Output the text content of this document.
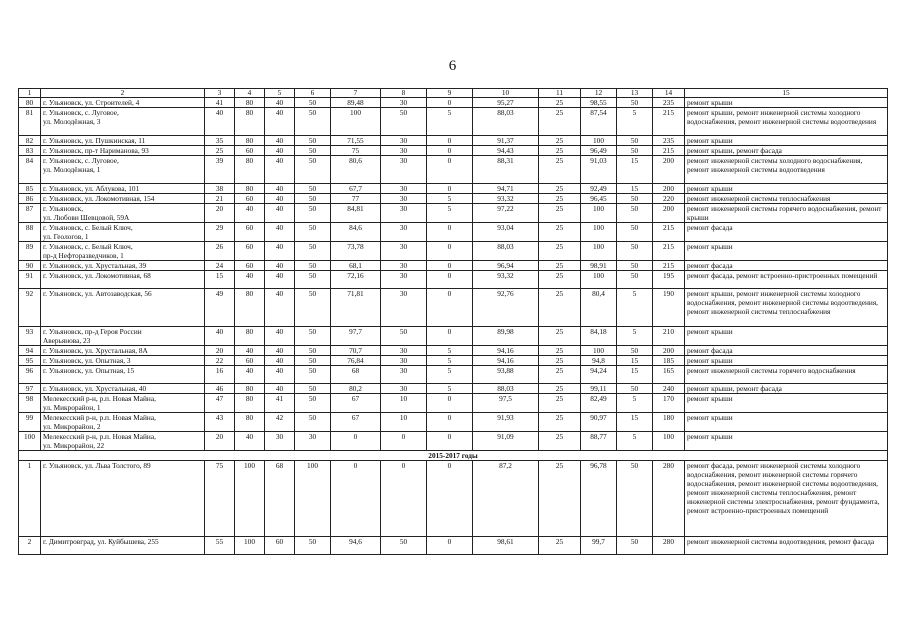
6
1	2	3	4	5	6	7	8	9	10	11	12	13	14	15
80	г. Ульяновск, ул. Строителей, 4	41	80	40	50	89,48	30	0	95,27	25	98,55	50	235	ремонт крыши
81	г. Ульяновск, с. Луговое,
ул. Молодёжная, 3	40	80	40	50	100	50	5	88,03	25	87,54	5	215	ремонт крыши, ремонт инженерной системы холодного водоснабжения, ремонт инженерной системы водоотведения
82	г. Ульяновск, ул. Пушкинская, 11	35	80	40	50	71,55	30	0	91,37	25	100	50	235	ремонт крыши
83	г. Ульяновск, пр-т Нариманова, 93	25	60	40	50	75	30	0	94,43	25	96,49	50	215	ремонт крыши, ремонт фасада
84	г. Ульяновск, с. Луговое,
ул. Молодёжная, 1	39	80	40	50	80,6	30	0	88,31	25	91,03	15	200	ремонт инженерной системы холодного водоснабжения, ремонт инженерной системы водоотведения
85	г. Ульяновск, ул. Аблукова, 101	38	80	40	50	67,7	30	0	94,71	25	92,49	15	200	ремонт крыши
86	г. Ульяновск, ул. Локомотивная, 154	21	60	40	50	77	30	5	93,32	25	96,45	50	220	ремонт инженерной системы теплоснабжения
87	г. Ульяновск,
ул. Любови Шевцовой, 59А	20	40	40	50	84,81	30	5	97,22	25	100	50	200	ремонт инженерной системы горячего водоснабжения, ремонт крыши
88	г. Ульяновск, с. Белый Ключ,
ул. Геологов, 1	29	60	40	50	84,6	30	0	93,04	25	100	50	215	ремонт фасада
89	г. Ульяновск, с. Белый Ключ,
пр-д Нефторазведчиков, 1	26	60	40	50	73,78	30	0	88,03	25	100	50	215	ремонт крыши
90	г. Ульяновск, ул. Хрустальная, 39	24	60	40	50	68,1	30	0	96,94	25	98,91	50	215	ремонт фасада
91	г. Ульяновск, ул. Локомотивная, 68	15	40	40	50	72,16	30	0	93,32	25	100	50	195	ремонт фасада, ремонт встроенно-пристроенных помещений
92	г. Ульяновск, ул. Автозаводская, 56	49	80	40	50	71,81	30	0	92,76	25	80,4	5	190	ремонт крыши, ремонт инженерной системы холодного водоснабжения, ремонт инженерной системы водоотведения, ремонт инженерной системы теплоснабжения
93	г. Ульяновск, пр-д Героя России
Аверьянова, 23	40	80	40	50	97,7	50	0	89,98	25	84,18	5	210	ремонт крыши
94	г. Ульяновск, ул. Хрустальная, 8А	20	40	40	50	70,7	30	5	94,16	25	100	50	200	ремонт фасада
95	г. Ульяновск, ул. Опытная, 3	22	60	40	50	76,84	30	5	94,16	25	94,8	15	185	ремонт крыши
96	г. Ульяновск, ул. Опытная, 15	16	40	40	50	68	30	5	93,88	25	94,24	15	165	ремонт инженерной системы горячего водоснабжения
97	г. Ульяновск, ул. Хрустальная, 40	46	80	40	50	80,2	30	5	88,03	25	99,11	50	240	ремонт крыши, ремонт фасада
98	Мелекесский р-н, р.п. Новая Майна,
ул. Микрорайон, 1	47	80	41	50	67	10	0	97,5	25	82,49	5	170	ремонт крыши
99	Мелекесский р-н, р.п. Новая Майна,
ул. Микрорайон, 2	43	80	42	50	67	10	0	91,93	25	90,97	15	180	ремонт крыши
100	Мелекесский р-н, р.п. Новая Майна,
ул. Микрорайон, 22	20	40	30	30	0	0	0	91,09	25	88,77	5	100	ремонт крыши
2015-2017 годы														
1	г. Ульяновск, ул. Льва Толстого, 89	75	100	68	100	0	0	0	87,2	25	96,78	50	280	ремонт фасада, ремонт инженерной системы холодного водоснабжения, ремонт инженерной системы горячего водоснабжения, ремонт инженерной системы водоотведения, ремонт инженерной системы теплоснабжения, ремонт инженерной системы электроснабжения, ремонт фундамента, ремонт встроенно-пристроенных помещений
2	г. Димитровград, ул. Куйбышева, 255	55	100	60	50	94,6	50	0	98,61	25	99,7	50	280	ремонт инженерной системы водоотведения, ремонт фасада
